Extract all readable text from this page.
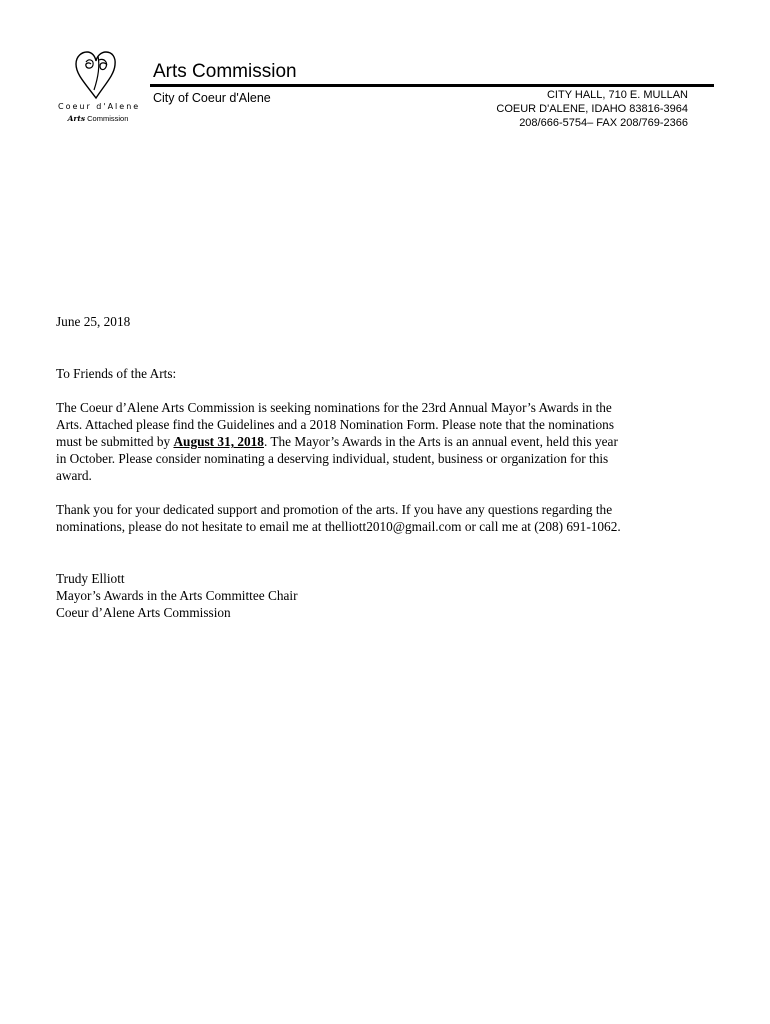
Coeur d'Alene
Arts Commission
Arts Commission
City of Coeur d'Alene	CITY HALL, 710 E. MULLAN
COEUR D'ALENE, IDAHO 83816-3964
208/666-5754– FAX 208/769-2366
June 25, 2018
To Friends of the Arts:
The Coeur d’Alene Arts Commission is seeking nominations for the 23rd Annual Mayor’s Awards in the
Arts. Attached please find the Guidelines and a 2018 Nomination Form. Please note that the nominations
must be submitted by August 31, 2018. The Mayor’s Awards in the Arts is an annual event, held this year
in October. Please consider nominating a deserving individual, student, business or organization for this
award.
Thank you for your dedicated support and promotion of the arts. If you have any questions regarding the
nominations, please do not hesitate to email me at thelliott2010@gmail.com or call me at (208) 691-1062.
Trudy Elliott
Mayor’s Awards in the Arts Committee Chair
Coeur d’Alene Arts Commission
